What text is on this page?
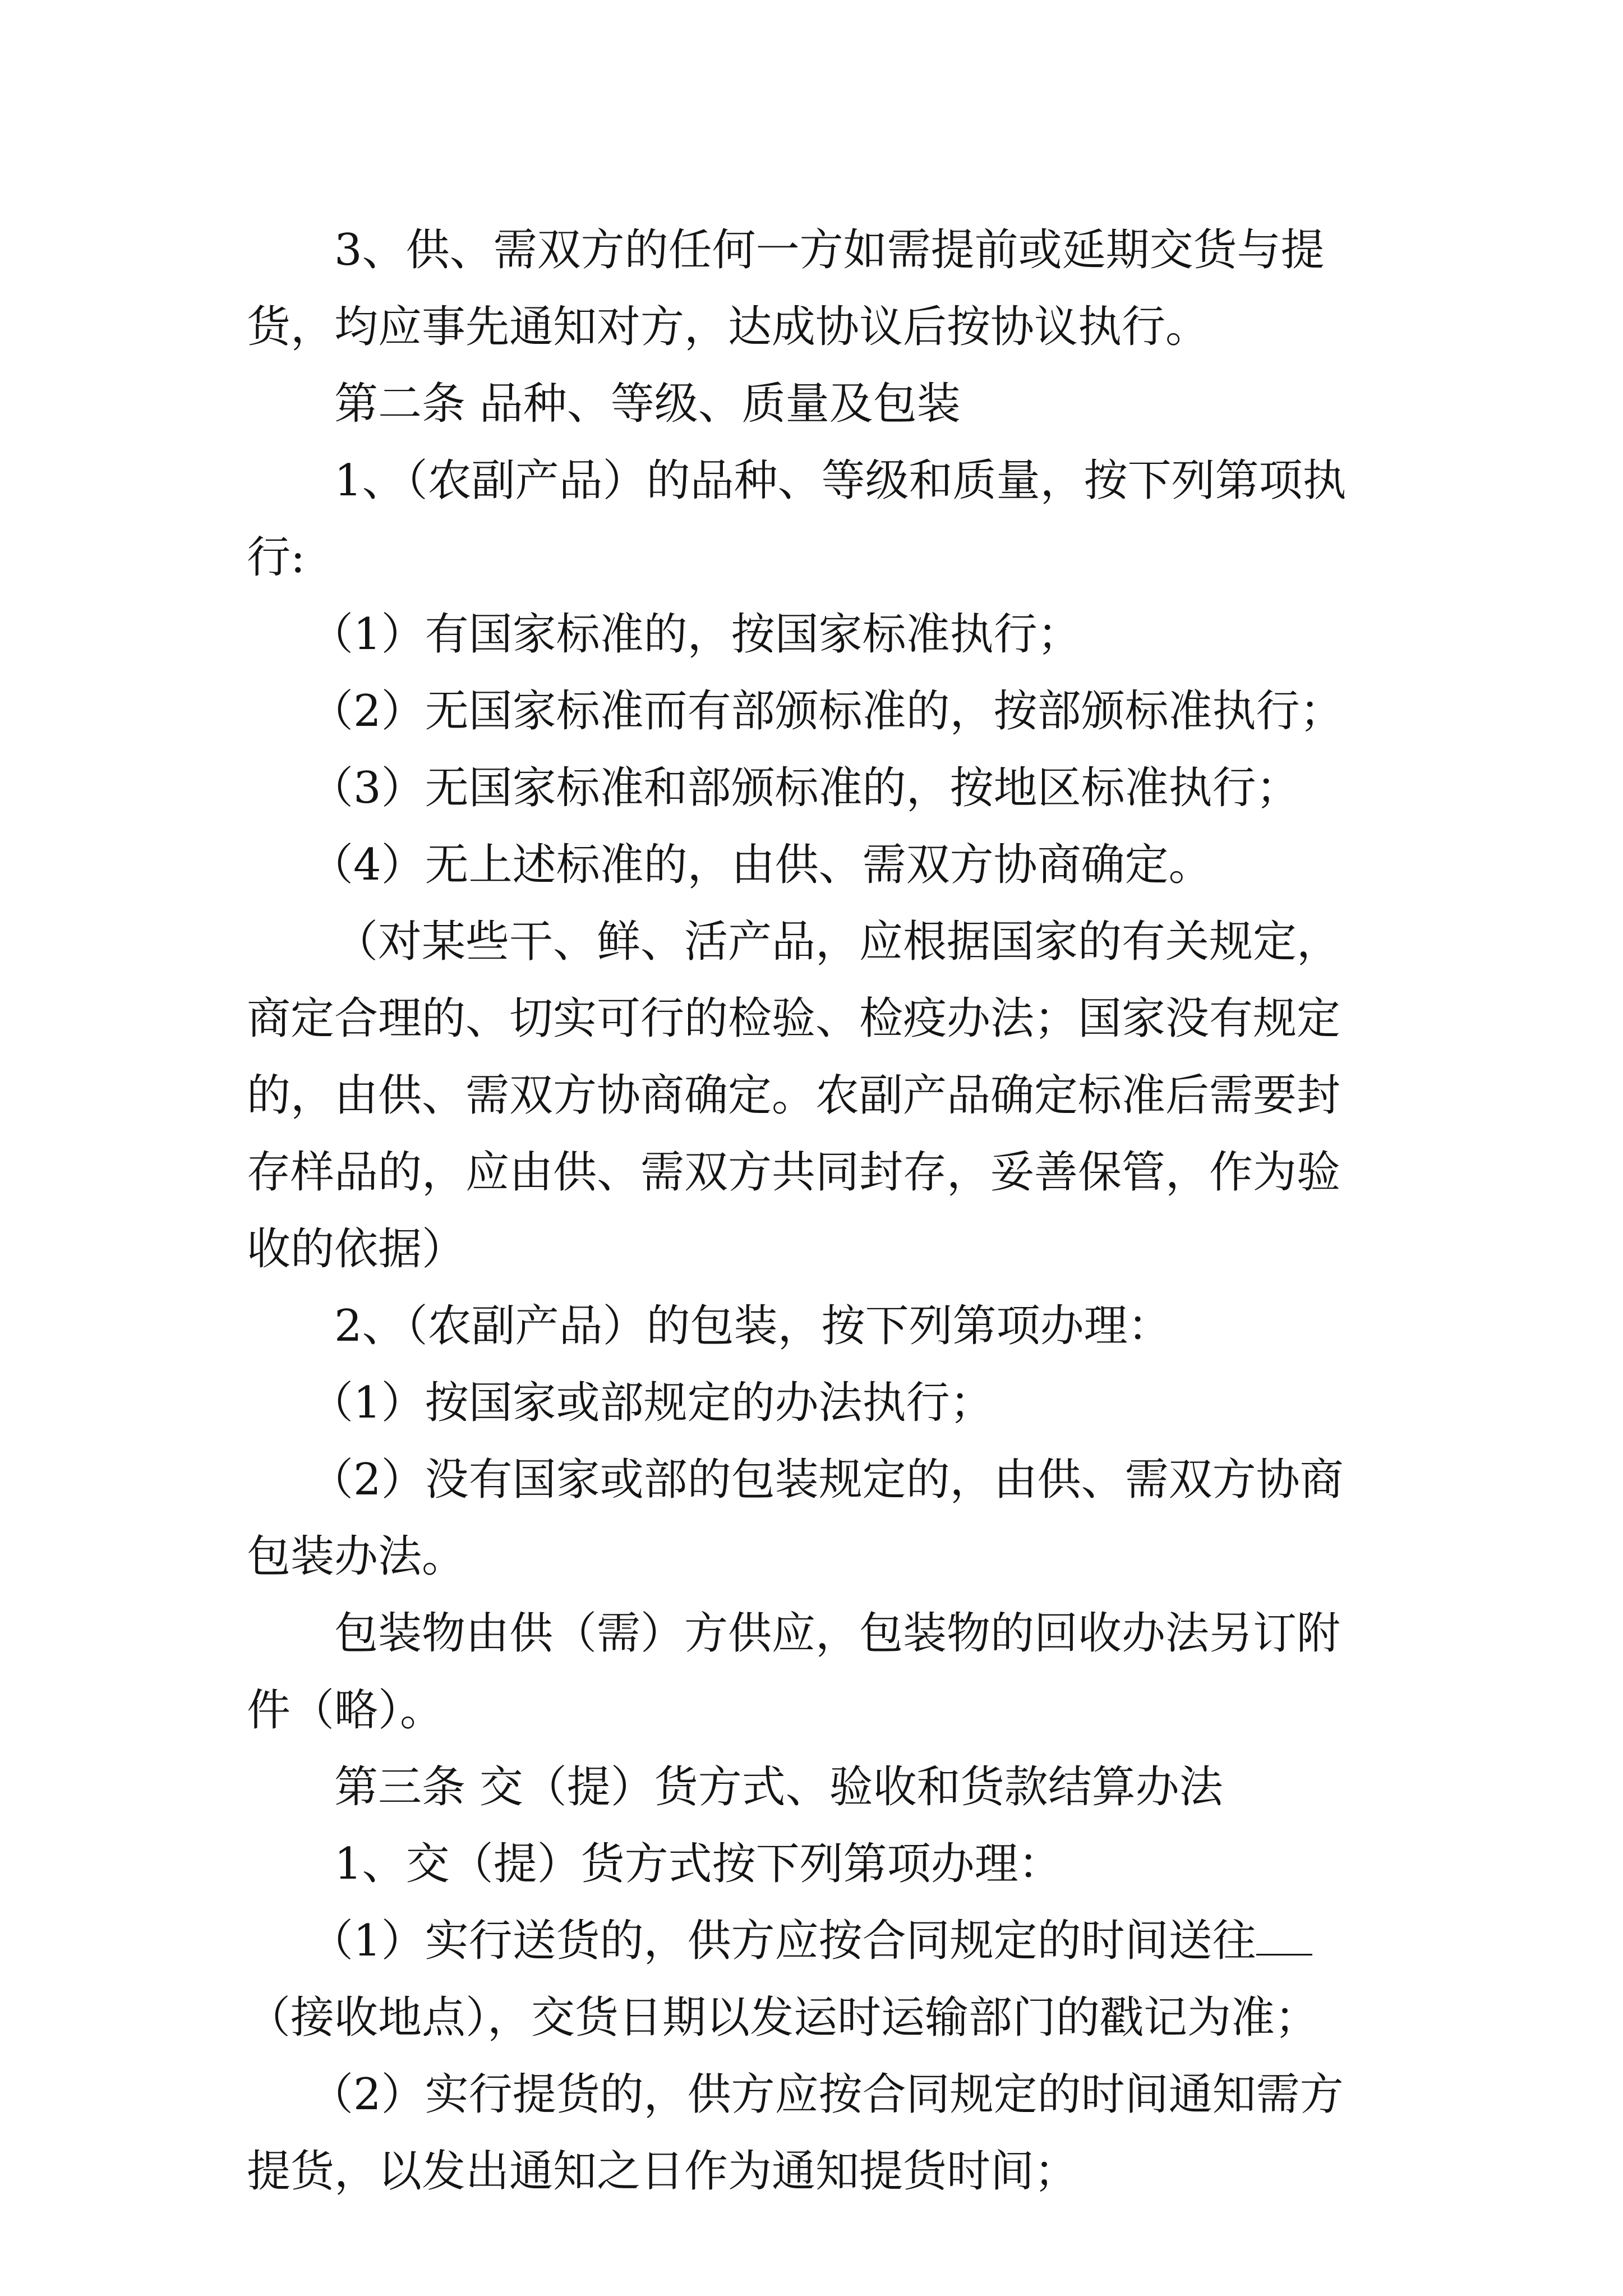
3、供、需双方的任何一方如需提前或延期交货与提货，均应事先通知对方，达成协议后按协议执行。

第二条 品种、等级、质量及包装

1、（农副产品）的品种、等级和质量，按下列第项执行:

（1）有国家标准的，按国家标准执行；

（2）无国家标准而有部颁标准的，按部颁标准执行；

（3）无国家标准和部颁标准的，按地区标准执行；

（4）无上述标准的，由供、需双方协商确定。

（对某些干、鲜、活产品，应根据国家的有关规定，商定合理的、切实可行的检验、检疫办法；国家没有规定的，由供、需双方协商确定。农副产品确定标准后需要封存样品的，应由供、需双方共同封存，妥善保管，作为验收的依据）

2、（农副产品）的包装，按下列第项办理：

（1）按国家或部规定的办法执行；

（2）没有国家或部的包装规定的，由供、需双方协商包装办法。

包装物由供（需）方供应，包装物的回收办法另订附件（略）。

第三条 交（提）货方式、验收和货款结算办法

1、交（提）货方式按下列第项办理：

（1）实行送货的，供方应按合同规定的时间送往（接收地点），交货日期以发运时运输部门的戳记为准；

（2）实行提货的，供方应按合同规定的时间通知需方提货，以发出通知之日作为通知提货时间；
